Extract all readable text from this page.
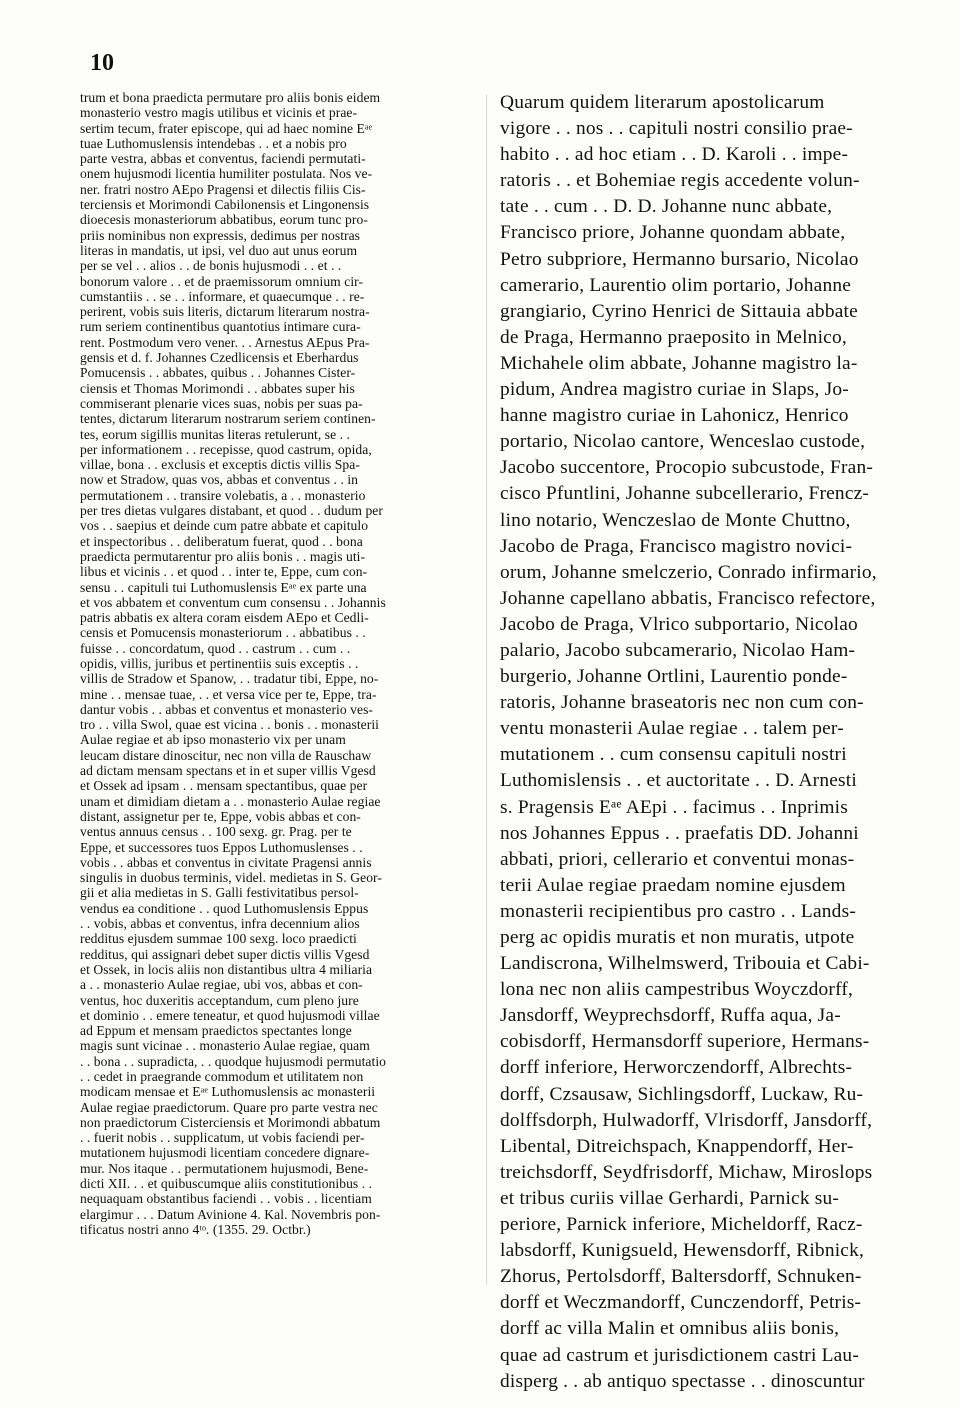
10
trum et bona praedicta permutare pro aliis bonis eidem
monasterio vestro magis utilibus et vicinis et prae-
sertim tecum, frater episcope, qui ad haec nomine Eᵃᵉ
tuae Luthomuslensis intendebas . . et a nobis pro
parte vestra, abbas et conventus, faciendi permutati-
onem hujusmodi licentia humiliter postulata. Nos ve-
ner. fratri nostro AEpo Pragensi et dilectis filiis Cis-
terciensis et Morimondi Cabilonensis et Lingonensis
dioecesis monasteriorum abbatibus, eorum tunc pro-
priis nominibus non expressis, dedimus per nostras
literas in mandatis, ut ipsi, vel duo aut unus eorum
per se vel . . alios . . de bonis hujusmodi . . et . .
bonorum valore . . et de praemissorum omnium cir-
cumstantiis . . se . . informare, et quaecumque . . re-
perirent, vobis suis literis, dictarum literarum nostra-
rum seriem continentibus quantotius intimare cura-
rent. Postmodum vero vener. . . Arnestus AEpus Pra-
gensis et d. f. Johannes Czedlicensis et Eberhardus
Pomucensis . . abbates, quibus . . Johannes Cister-
ciensis et Thomas Morimondi . . abbates super his
commiserant plenarie vices suas, nobis per suas pa-
tentes, dictarum literarum nostrarum seriem continen-
tes, eorum sigillis munitas literas retulerunt, se . .
per informationem . . recepisse, quod castrum, opida,
villae, bona . . exclusis et exceptis dictis villis Spa-
now et Stradow, quas vos, abbas et conventus . . in
permutationem . . transire volebatis, a . . monasterio
per tres dietas vulgares distabant, et quod . . dudum per
vos . . saepius et deinde cum patre abbate et capitulo
et inspectoribus . . deliberatum fuerat, quod . . bona
praedicta permutarentur pro aliis bonis . . magis uti-
libus et vicinis . . et quod . . inter te, Eppe, cum con-
sensu . . capituli tui Luthomuslensis Eᵃᵉ ex parte una
et vos abbatem et conventum cum consensu . . Johannis
patris abbatis ex altera coram eisdem AEpo et Cedli-
censis et Pomucensis monasteriorum . . abbatibus . .
fuisse . . concordatum, quod . . castrum . . cum . .
opidis, villis, juribus et pertinentiis suis exceptis . .
villis de Stradow et Spanow, . . tradatur tibi, Eppe, no-
mine . . mensae tuae, . . et versa vice per te, Eppe, tra-
dantur vobis . . abbas et conventus et monasterio ves-
tro . . villa Swol, quae est vicina . . bonis . . monasterii
Aulae regiae et ab ipso monasterio vix per unam
leucam distare dinoscitur, nec non villa de Rauschaw
ad dictam mensam spectans et in et super villis Vgesd
et Ossek ad ipsam . . mensam spectantibus, quae per
unam et dimidiam dietam a . . monasterio Aulae regiae
distant, assignetur per te, Eppe, vobis abbas et con-
ventus annuus census . . 100 sexg. gr. Prag. per te
Eppe, et successores tuos Eppos Luthomuslenses . .
vobis . . abbas et conventus in civitate Pragensi annis
singulis in duobus terminis, videl. medietas in S. Geor-
gii et alia medietas in S. Galli festivitatibus persol-
vendus ea conditione . . quod Luthomuslensis Eppus
. . vobis, abbas et conventus, infra decennium alios
redditus ejusdem summae 100 sexg. loco praedicti
redditus, qui assignari debet super dictis villis Vgesd
et Ossek, in locis aliis non distantibus ultra 4 miliaria
a . . monasterio Aulae regiae, ubi vos, abbas et con-
ventus, hoc duxeritis acceptandum, cum pleno jure
et dominio . . emere teneatur, et quod hujusmodi villae
ad Eppum et mensam praedictos spectantes longe
magis sunt vicinae . . monasterio Aulae regiae, quam
. . bona . . supradicta, . . quodque hujusmodi permutatio
. . cedet in praegrande commodum et utilitatem non
modicam mensae et Eᵃᵉ Luthomuslensis ac monasterii
Aulae regiae praedictorum. Quare pro parte vestra nec
non praedictorum Cisterciensis et Morimondi abbatum
. . fuerit nobis . . supplicatum, ut vobis faciendi per-
mutationem hujusmodi licentiam concedere dignare-
mur. Nos itaque . . permutationem hujusmodi, Bene-
dicti XII. . . et quibuscumque aliis constitutionibus . .
nequaquam obstantibus faciendi . . vobis . . licentiam
elargimur . . . Datum Avinione 4. Kal. Novembris pon-
tificatus nostri anno 4ᵗᵒ. (1355. 29. Octbr.)
Quarum quidem literarum apostolicarum
vigore . . nos . . capituli nostri consilio prae-
habito . . ad hoc etiam . . D. Karoli . . impe-
ratoris . . et Bohemiae regis accedente volun-
tate . . cum . . D. D. Johanne nunc abbate,
Francisco priore, Johanne quondam abbate,
Petro subpriore, Hermanno bursario, Nicolao
camerario, Laurentio olim portario, Johanne
grangiario, Cyrino Henrici de Sittauia abbate
de Praga, Hermanno praeposito in Melnico,
Michahele olim abbate, Johanne magistro la-
pidum, Andrea magistro curiae in Slaps, Jo-
hanne magistro curiae in Lahonicz, Henrico
portario, Nicolao cantore, Wenceslao custode,
Jacobo succentore, Procopio subcustode, Fran-
cisco Pfuntlini, Johanne subcellerario, Frencz-
lino notario, Wenczeslao de Monte Chuttno,
Jacobo de Praga, Francisco magistro novici-
orum, Johanne smelczerio, Conrado infirmario,
Johanne capellano abbatis, Francisco refectore,
Jacobo de Praga, Vlrico subportario, Nicolao
palario, Jacobo subcamerario, Nicolao Ham-
burgerio, Johanne Ortlini, Laurentio ponde-
ratoris, Johanne braseatoris nec non cum con-
ventu monasterii Aulae regiae . . talem per-
mutationem . . cum consensu capituli nostri
Luthomislensis . . et auctoritate . . D. Arnesti
s. Pragensis Eᵃᵉ AEpi . . facimus . . Inprimis
nos Johannes Eppus . . praefatis DD. Johanni
abbati, priori, cellerario et conventui monas-
terii Aulae regiae praedam nomine ejusdem
monasterii recipientibus pro castro . . Lands-
perg ac opidis muratis et non muratis, utpote
Landiscrona, Wilhelmswerd, Tribouia et Cabi-
lona nec non aliis campestribus Woyczdorff,
Jansdorff, Weyprechsdorff, Ruffa aqua, Ja-
cobisdorff, Hermansdorff superiore, Hermans-
dorff inferiore, Herworczendorff, Albrechts-
dorff, Czsausaw, Sichlingsdorff, Luckaw, Ru-
dolffsdorph, Hulwadorff, Vlrisdorff, Jansdorff,
Libental, Ditreichspach, Knappendorff, Her-
treichsdorff, Seydfrisdorff, Michaw, Miroslops
et tribus curiis villae Gerhardi, Parnick su-
periore, Parnick inferiore, Micheldorff, Racz-
labsdorff, Kunigsueld, Hewensdorff, Ribnick,
Zhorus, Pertolsdorff, Baltersdorff, Schnuken-
dorff et Weczmandorff, Cunczendorff, Petris-
dorff ac villa Malin et omnibus aliis bonis,
quae ad castrum et jurisdictionem castri Lau-
disperg . . ab antiquo spectasse . . dinoscuntur
